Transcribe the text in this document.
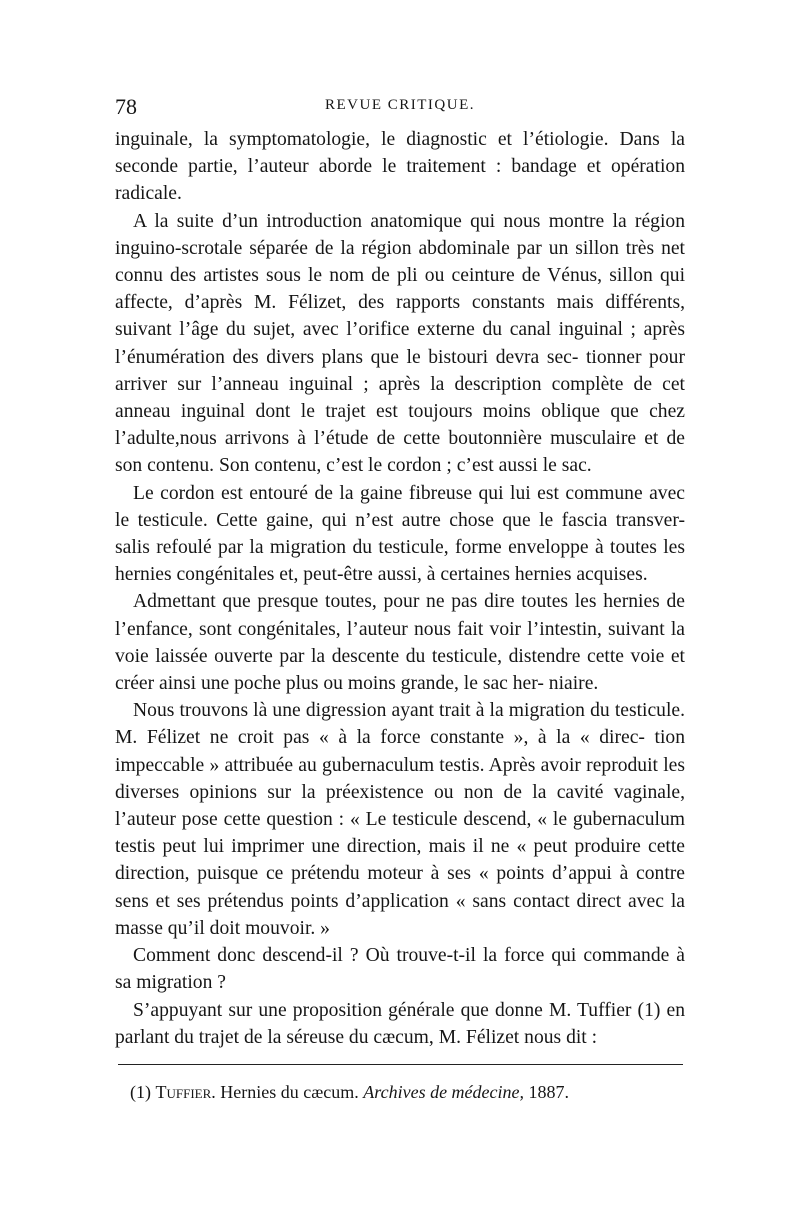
78	REVUE CRITIQUE.

inguinale, la symptomatologie, le diagnostic et l’étiologie. Dans la seconde partie, l’auteur aborde le traitement : bandage et opération radicale.

A la suite d’un introduction anatomique qui nous montre la région inguino-scrotale séparée de la région abdominale par un sillon très net connu des artistes sous le nom de pli ou ceinture de Vénus, sillon qui affecte, d’après M. Félizet, des rapports constants mais différents, suivant l’âge du sujet, avec l’orifice externe du canal inguinal ; après l’énumération des divers plans que le bistouri devra sec- tionner pour arriver sur l’anneau inguinal ; après la description complète de cet anneau inguinal dont le trajet est toujours moins oblique que chez l’adulte,nous arrivons à l’étude de cette boutonnière musculaire et de son contenu. Son contenu, c’est le cordon ; c’est aussi le sac.

Le cordon est entouré de la gaine fibreuse qui lui est commune avec le testicule. Cette gaine, qui n’est autre chose que le fascia transver- salis refoulé par la migration du testicule, forme enveloppe à toutes les hernies congénitales et, peut-être aussi, à certaines hernies acquises.

Admettant que presque toutes, pour ne pas dire toutes les hernies de l’enfance, sont congénitales, l’auteur nous fait voir l’intestin, suivant la voie laissée ouverte par la descente du testicule, distendre cette voie et créer ainsi une poche plus ou moins grande, le sac her- niaire.

Nous trouvons là une digression ayant trait à la migration du testicule. M. Félizet ne croit pas « à la force constante », à la « direc- tion impeccable » attribuée au gubernaculum testis. Après avoir reproduit les diverses opinions sur la préexistence ou non de la cavité vaginale, l’auteur pose cette question : « Le testicule descend, « le gubernaculum testis peut lui imprimer une direction, mais il ne « peut produire cette direction, puisque ce prétendu moteur à ses « points d’appui à contre sens et ses prétendus points d’application « sans contact direct avec la masse qu’il doit mouvoir. »

Comment donc descend-il ? Où trouve-t-il la force qui commande à sa migration ?

S’appuyant sur une proposition générale que donne M. Tuffier (1) en parlant du trajet de la séreuse du cæcum, M. Félizet nous dit :

(1) Tuffier. Hernies du cæcum. Archives de médecine, 1887.
